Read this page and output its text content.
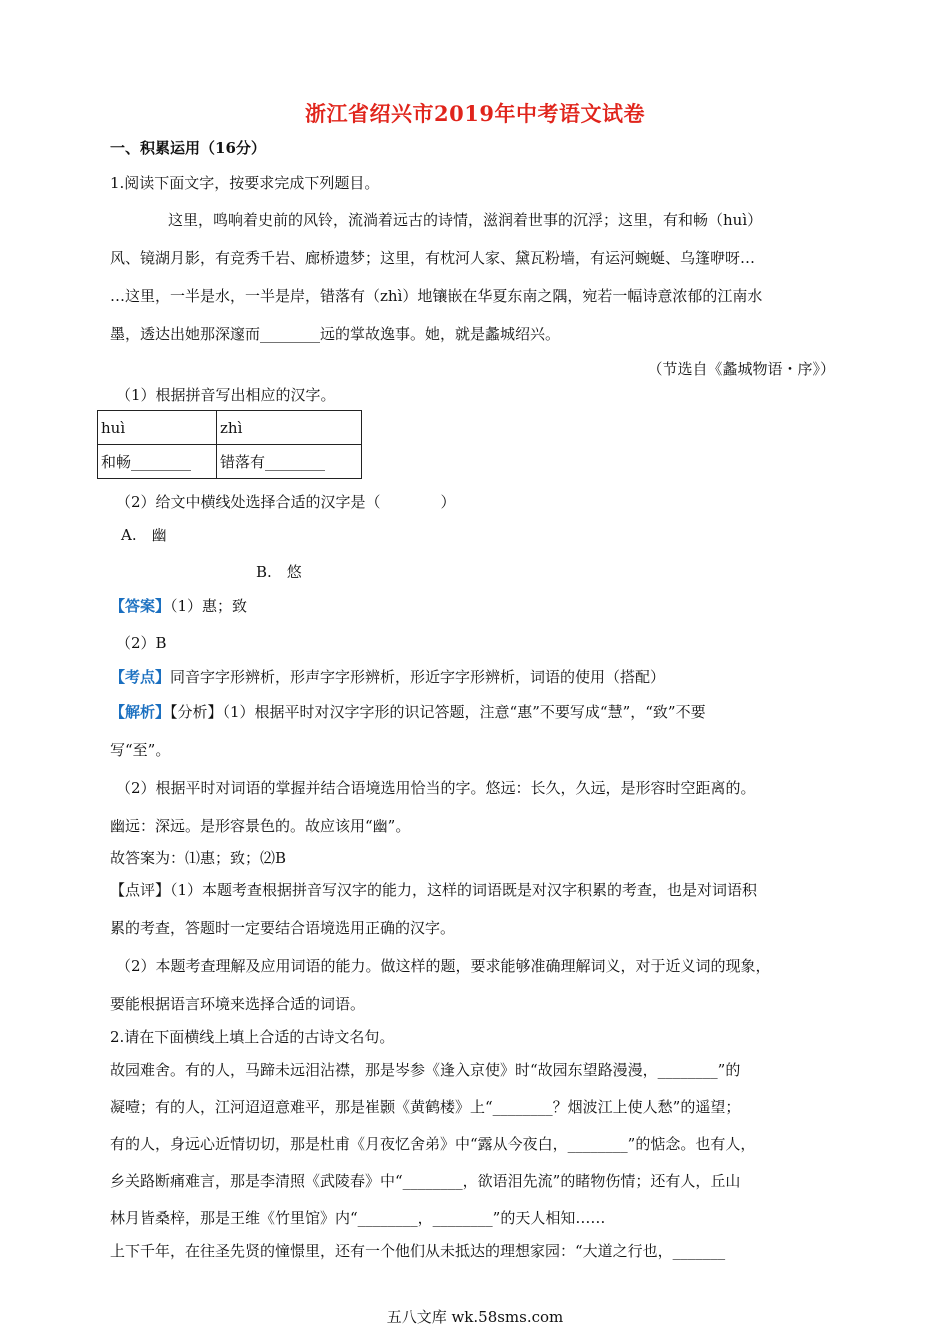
浙江省绍兴市2019年中考语文试卷
一、积累运用（16分）
1.阅读下面文字，按要求完成下列题目。
这里，鸣响着史前的风铃，流淌着远古的诗情，滋润着世事的沉浮；这里，有和畅（huì）
风、镜湖月影，有竞秀千岩、廊桥遗梦；这里，有枕河人家、黛瓦粉墙，有运河蜿蜒、乌篷咿呀…
…这里，一半是水，一半是岸，错落有（zhì）地镶嵌在华夏东南之隅，宛若一幅诗意浓郁的江南水
墨，透达出她那深邃而________远的掌故逸事。她，就是蠡城绍兴。
（节选自《蠡城物语・序》）
（1）根据拼音写出相应的汉字。
huì	zhì
和畅________	错落有________
（2）给文中横线处选择合适的汉字是（　　　　）
A.　幽
B.　悠
【答案】（1）惠；致
（2）B
【考点】同音字字形辨析，形声字字形辨析，形近字字形辨析，词语的使用（搭配）
【解析】【分析】（1）根据平时对汉字字形的识记答题，注意“惠”不要写成“慧”，“致”不要
写“至”。
（2）根据平时对词语的掌握并结合语境选用恰当的字。悠远：长久，久远，是形容时空距离的。
幽远：深远。是形容景色的。故应该用“幽”。
故答案为：⑴惠；致；⑵B
【点评】（1）本题考查根据拼音写汉字的能力，这样的词语既是对汉字积累的考查，也是对词语积
累的考查，答题时一定要结合语境选用正确的汉字。
（2）本题考查理解及应用词语的能力。做这样的题，要求能够准确理解词义，对于近义词的现象，
要能根据语言环境来选择合适的词语。
2.请在下面横线上填上合适的古诗文名句。
故园难舍。有的人，马蹄未远泪沾襟，那是岑参《逢入京使》时“故园东望路漫漫，________”的
凝噎；有的人，江河迢迢意难平，那是崔颢《黄鹤楼》上“________？烟波江上使人愁”的遥望；
有的人，身远心近情切切，那是杜甫《月夜忆舍弟》中“露从今夜白，________”的惦念。也有人，
乡关路断痛难言，那是李清照《武陵春》中“________，欲语泪先流”的睹物伤情；还有人，丘山
林月皆桑梓，那是王维《竹里馆》内“________，________”的天人相知……
上下千年，在往圣先贤的憧憬里，还有一个他们从未抵达的理想家园：“大道之行也，_______
五八文库 wk.58sms.com
